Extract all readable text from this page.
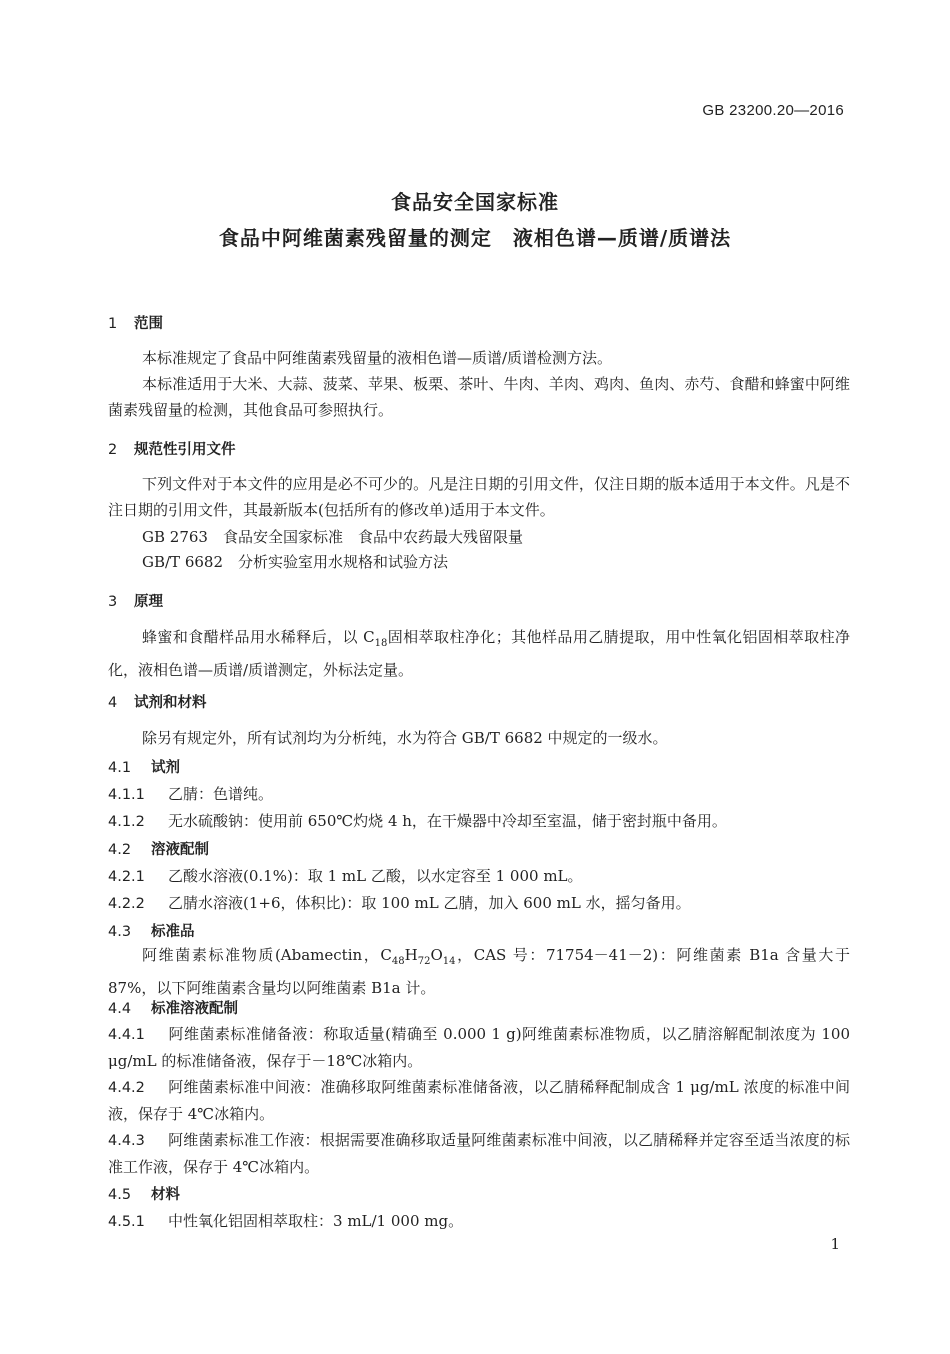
GB 23200.20—2016
食品安全国家标准
食品中阿维菌素残留量的测定　液相色谱—质谱/质谱法
1 范围
本标准规定了食品中阿维菌素残留量的液相色谱—质谱/质谱检测方法。
本标准适用于大米、大蒜、菠菜、苹果、板栗、茶叶、牛肉、羊肉、鸡肉、鱼肉、赤芍、食醋和蜂蜜中阿维菌素残留量的检测，其他食品可参照执行。
2 规范性引用文件
下列文件对于本文件的应用是必不可少的。凡是注日期的引用文件，仅注日期的版本适用于本文件。凡是不注日期的引用文件，其最新版本(包括所有的修改单)适用于本文件。
GB 2763　食品安全国家标准　食品中农药最大残留限量
GB/T 6682　分析实验室用水规格和试验方法
3 原理
蜂蜜和食醋样品用水稀释后，以 $C_{18}$固相萃取柱净化；其他样品用乙腈提取，用中性氧化铝固相萃取柱净化，液相色谱—质谱/质谱测定，外标法定量。
4 试剂和材料
除另有规定外，所有试剂均为分析纯，水为符合 GB/T 6682 中规定的一级水。
4.1 试剂
4.1.1 乙腈：色谱纯。
4.1.2 无水硫酸钠：使用前 650℃灼烧 4 h，在干燥器中冷却至室温，储于密封瓶中备用。
4.2 溶液配制
4.2.1 乙酸水溶液(0.1%)：取 1 mL 乙酸，以水定容至 1 000 mL。
4.2.2 乙腈水溶液(1+6，体积比)：取 100 mL 乙腈，加入 600 mL 水，摇匀备用。
4.3 标准品
阿维菌素标准物质(Abamectin，$C_{48}H_{72}O_{14}$，CAS 号：71754－41－2)：阿维菌素 B1a 含量大于 87%，以下阿维菌素含量均以阿维菌素 B1a 计。
4.4 标准溶液配制
4.4.1 阿维菌素标准储备液：称取适量(精确至 0.000 1 g)阿维菌素标准物质，以乙腈溶解配制浓度为 100 μg/mL 的标准储备液，保存于－18℃冰箱内。
4.4.2 阿维菌素标准中间液：准确移取阿维菌素标准储备液，以乙腈稀释配制成含 1 μg/mL 浓度的标准中间液，保存于 4℃冰箱内。
4.4.3 阿维菌素标准工作液：根据需要准确移取适量阿维菌素标准中间液，以乙腈稀释并定容至适当浓度的标准工作液，保存于 4℃冰箱内。
4.5 材料
4.5.1 中性氧化铝固相萃取柱：3 mL/1 000 mg。
1
